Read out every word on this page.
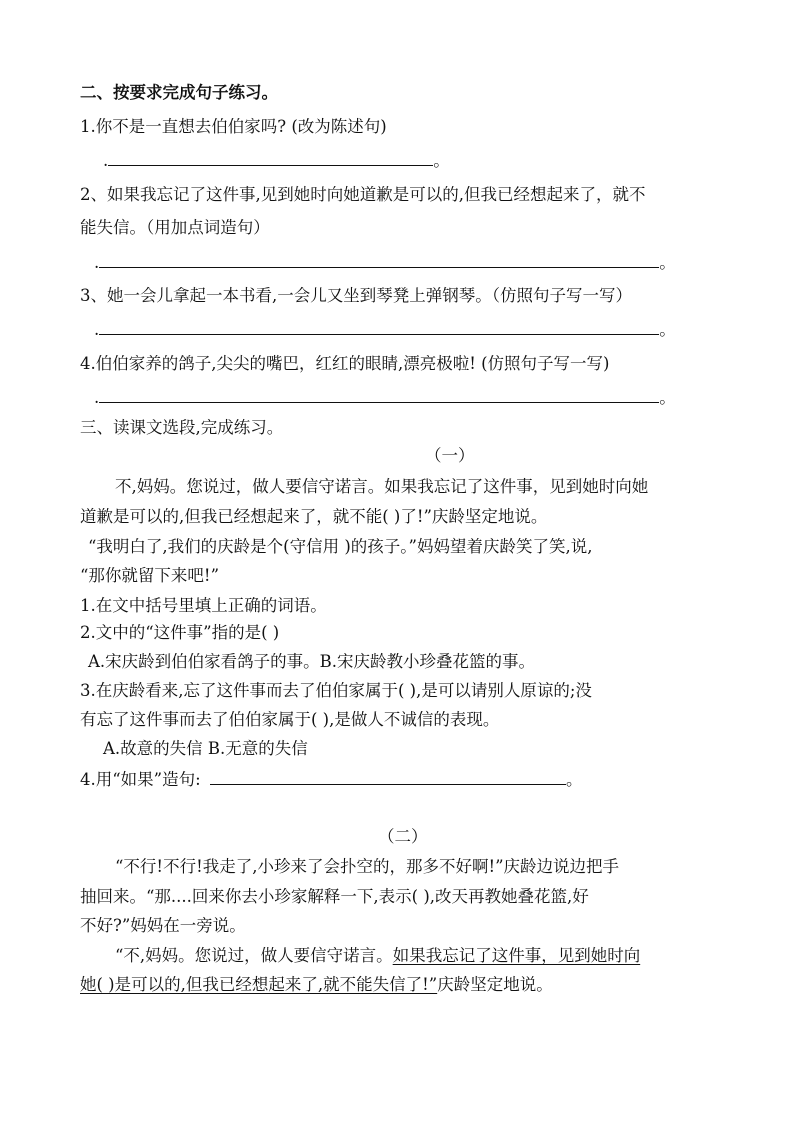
二、按要求完成句子练习。
1.你不是一直想去伯伯家吗? (改为陈述句)
.	。
2、如果我忘记了这件事,见到她时向她道歉是可以的,但我已经想起来了，就不
能失信。（用加点词造句）
.	。
3、她一会儿拿起一本书看,一会儿又坐到琴凳上弹钢琴。（仿照句子写一写）
.	。
4.伯伯家养的鸽子,尖尖的嘴巴，红红的眼睛,漂亮极啦! (仿照句子写一写)
.	。
三、读课文选段,完成练习。
（一）
不,妈妈。您说过，做人要信守诺言。如果我忘记了这件事，见到她时向她
道歉是可以的,但我已经想起来了，就不能( )了!”庆龄坚定地说。
“我明白了,我们的庆龄是个(守信用 )的孩子。”妈妈望着庆龄笑了笑,说,
“那你就留下来吧!”
1.在文中括号里填上正确的词语。
2.文中的“这件事”指的是( )
A.宋庆龄到伯伯家看鸽子的事。B.宋庆龄教小珍叠花篮的事。
3.在庆龄看来,忘了这件事而去了伯伯家属于( ),是可以请别人原谅的;没
有忘了这件事而去了伯伯家属于( ),是做人不诚信的表现。
A.故意的失信 B.无意的失信
4.用“如果”造句:	。
（二）
“不行!不行!我走了,小珍来了会扑空的，那多不好啊!”庆龄边说边把手
抽回来。“那....回来你去小珍家解释一下,表示( ),改天再教她叠花篮,好
不好?”妈妈在一旁说。
“不,妈妈。您说过，做人要信守诺言。如果我忘记了这件事，见到她时向
她( )是可以的,但我已经想起来了,就不能失信了!”庆龄坚定地说。
